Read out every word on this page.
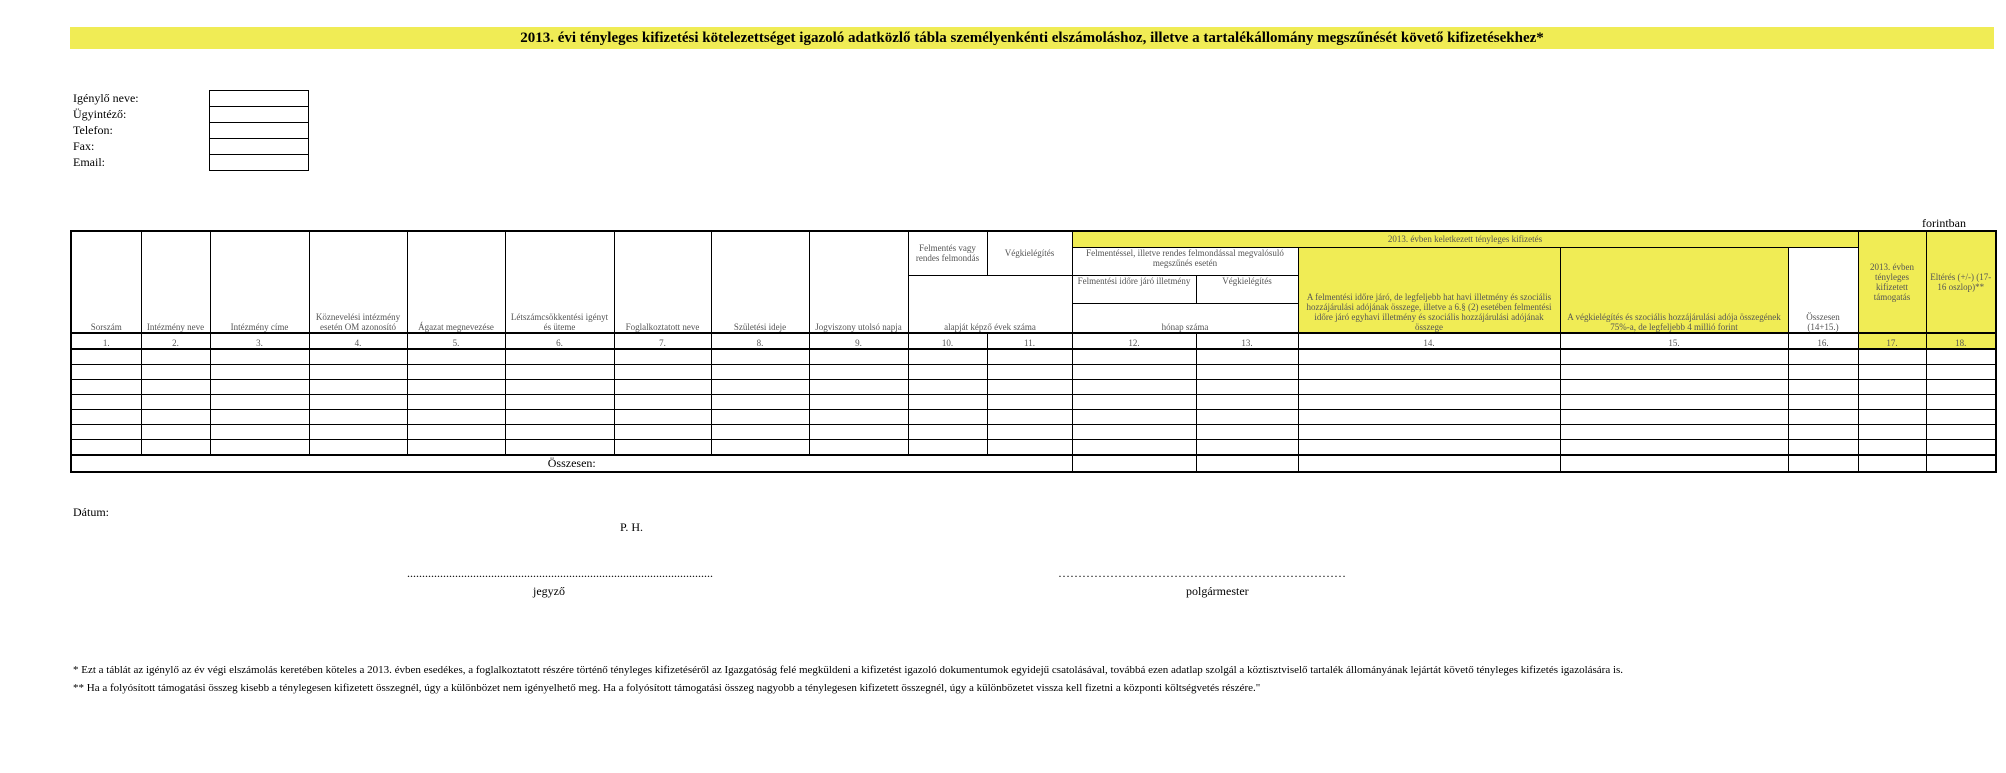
2013. évi tényleges kifizetési kötelezettséget igazoló adatközlő tábla személyenkénti elszámoláshoz, illetve a tartalékállomány megszűnését követő kifizetésekhez*
Igénylő neve:
Ügyintéző:
Telefon:
Fax:
Email:
forintban
Sorszám	Intézmény neve	Intézmény címe	Köznevelési intézmény esetén OM azonosító	Ágazat megnevezése	Létszámcsökkentési igényt és üteme	Foglalkoztatott neve	Születési ideje	Jogviszony utolsó napja	Felmentés vagy rendes felmondás	Végkielégítés	2013. évben keletkezett tényleges kifizetés					2013. évben tényleges kifizetett támogatás	Eltérés (+/-) (17-16 oszlop)**
											Felmentéssel, illetve rendes felmondással megvalósuló megszűnés esetén		A felmentési időre járó, de legfeljebb hat havi illetmény és szociális hozzájárulási adójának összege, illetve a 6.§ (2) esetében felmentési időre járó egyhavi illetmény és szociális hozzájárulási adójának összege	A végkielégítés és szociális hozzájárulási adója összegének 75%-a, de legfeljebb 4 millió forint	Összesen (14+15.)		
									alapját képző évek száma		Felmentési időre járó illetmény	Végkielégítés					
											hónap száma						
1.	2.	3.	4.	5.	6.	7.	8.	9.	10.	11.	12.	13.	14.	15.	16.	17.	18.

Összesen:																	
Dátum:
P. H.
......................................................................................................	………………………………………………………………
jegyző	polgármester
* Ezt a táblát az igénylő az év végi elszámolás keretében köteles a 2013. évben esedékes, a foglalkoztatott részére történő tényleges kifizetéséről az Igazgatóság felé megküldeni a kifizetést igazoló dokumentumok egyidejű csatolásával, továbbá ezen adatlap szolgál a köztisztviselő tartalék állományának lejártát követő tényleges kifizetés igazolására is.
** Ha a folyósított támogatási összeg kisebb a ténylegesen kifizetett összegnél, úgy a különbözet nem igényelhető meg. Ha a folyósított támogatási összeg nagyobb a ténylegesen kifizetett összegnél, úgy a különbözetet vissza kell fizetni a központi költségvetés részére."
